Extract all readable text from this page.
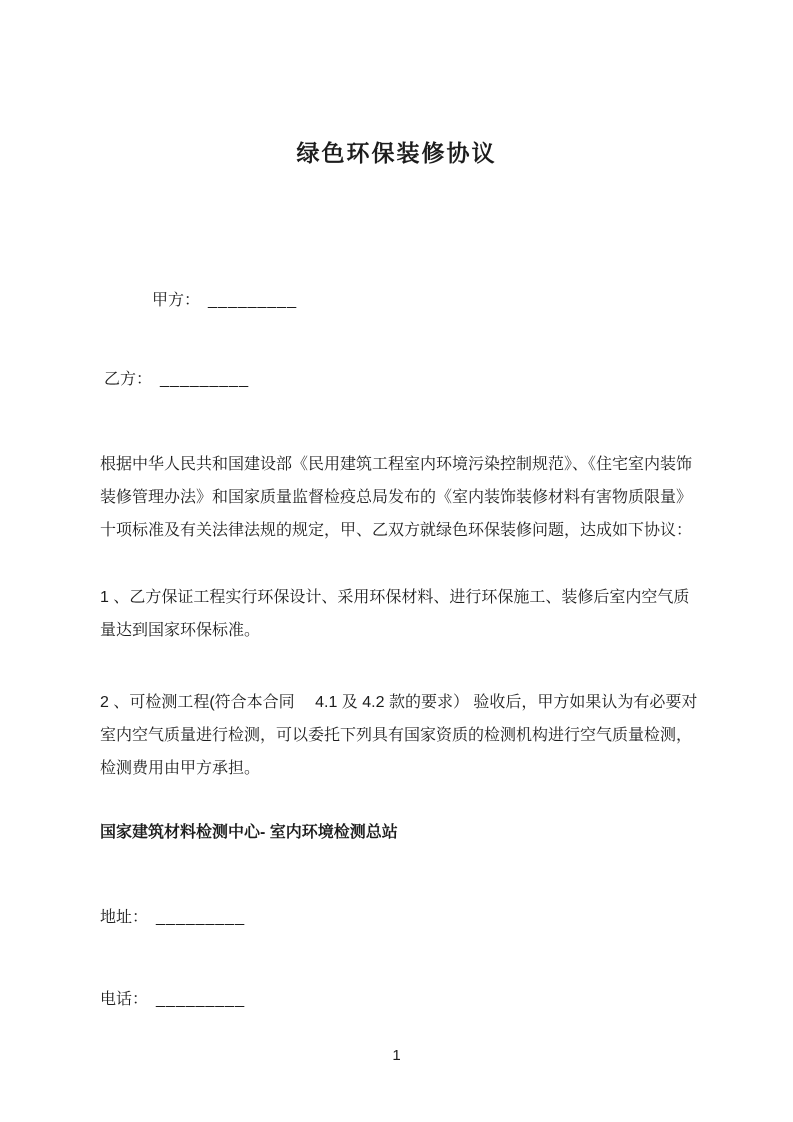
绿色环保装修协议
甲方： _________
乙方： _________
根据中华人民共和国建设部《民用建筑工程室内环境污染控制规范》、《住宅室内装饰
装修管理办法》和国家质量监督检疫总局发布的《室内装饰装修材料有害物质限量》
十项标准及有关法律法规的规定，甲、乙双方就绿色环保装修问题，达成如下协议：
1 、乙方保证工程实行环保设计、采用环保材料、进行环保施工、装修后室内空气质
量达到国家环保标准。
2 、可检测工程(符合本合同　 4.1 及 4.2 款的要求） 验收后，甲方如果认为有必要对
室内空气质量进行检测，可以委托下列具有国家资质的检测机构进行空气质量检测，
检测费用由甲方承担。
国家建筑材料检测中心- 室内环境检测总站
地址： _________
电话： _________
1
